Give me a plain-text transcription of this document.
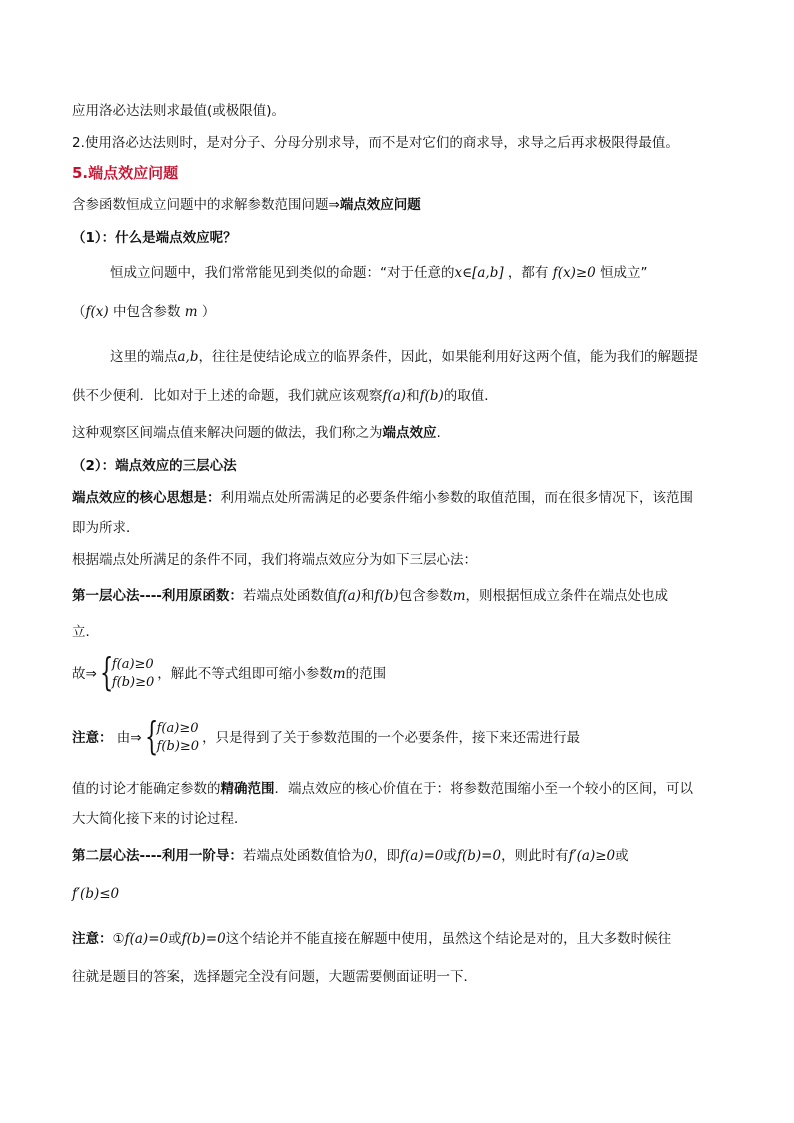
应用洛必达法则求最值(或极限值)。
2.使用洛必达法则时，是对分子、分母分别求导，而不是对它们的商求导，求导之后再求极限得最值。
5.端点效应问题
含参函数恒成立问题中的求解参数范围问题⇒端点效应问题
（1）：什么是端点效应呢？
恒成立问题中，我们常常能见到类似的命题：“对于任意的x∈[a,b] ，都有 f(x)≥0 恒成立”
（f(x) 中包含参数 m ）
这里的端点a,b，往往是使结论成立的临界条件，因此，如果能利用好这两个值，能为我们的解题提
供不少便利．比如对于上述的命题，我们就应该观察f(a)和f(b)的取值．
这种观察区间端点值来解决问题的做法，我们称之为端点效应.
（2）：端点效应的三层心法
端点效应的核心思想是：利用端点处所需满足的必要条件缩小参数的取值范围，而在很多情况下，该范围
即为所求．
根据端点处所满足的条件不同，我们将端点效应分为如下三层心法：
第一层心法----利用原函数：若端点处函数值f(a)和f(b)包含参数m，则根据恒成立条件在端点处也成
立．
故⇒ {
f(a)≥0
f(b)≥0
，解此不等式组即可缩小参数m的范围
注意： 由⇒ {
f(a)≥0
f(b)≥0
，只是得到了关于参数范围的一个必要条件，接下来还需进行最
值的讨论才能确定参数的精确范围．端点效应的核心价值在于：将参数范围缩小至一个较小的区间，可以
大大简化接下来的讨论过程．
第二层心法----利用一阶导：若端点处函数值恰为0，即f(a)=0或f(b)=0，则此时有f′(a)≥0或
f′(b)≤0
注意：①f(a)=0或f(b)=0这个结论并不能直接在解题中使用，虽然这个结论是对的，且大多数时候往
往就是题目的答案，选择题完全没有问题，大题需要侧面证明一下．
